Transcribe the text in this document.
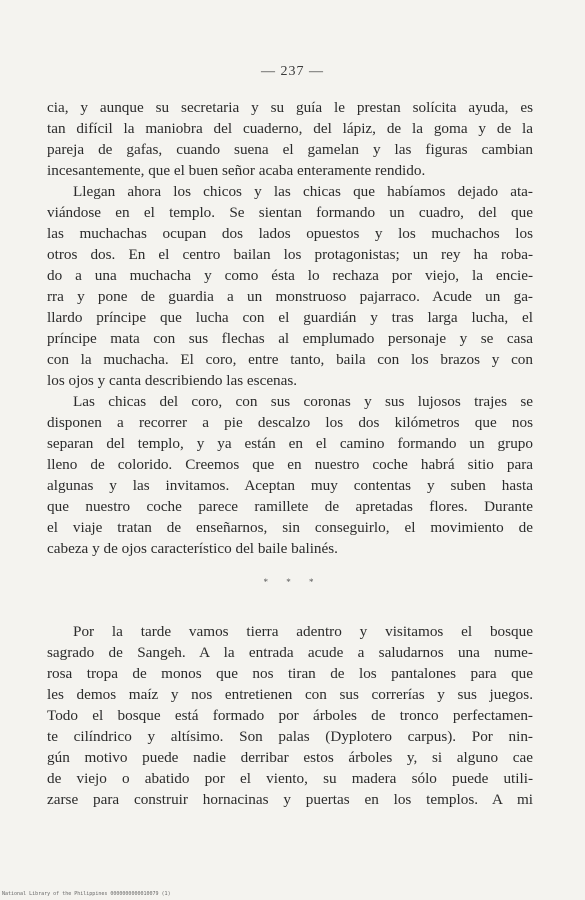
— 237 —
cia, y aunque su secretaria y su guía le prestan solícita ayuda, es
tan difícil la maniobra del cuaderno, del lápiz, de la goma y de la
pareja de gafas, cuando suena el gamelan y las figuras cambian
incesantemente, que el buen señor acaba enteramente rendido.
Llegan ahora los chicos y las chicas que habíamos dejado ata-
viándose en el templo. Se sientan formando un cuadro, del que
las muchachas ocupan dos lados opuestos y los muchachos los
otros dos. En el centro bailan los protagonistas; un rey ha roba-
do a una muchacha y como ésta lo rechaza por viejo, la encie-
rra y pone de guardia a un monstruoso pajarraco. Acude un ga-
llardo príncipe que lucha con el guardián y tras larga lucha, el
príncipe mata con sus flechas al emplumado personaje y se casa
con la muchacha. El coro, entre tanto, baila con los brazos y con
los ojos y canta describiendo las escenas.
Las chicas del coro, con sus coronas y sus lujosos trajes se
disponen a recorrer a pie descalzo los dos kilómetros que nos
separan del templo, y ya están en el camino formando un grupo
lleno de colorido. Creemos que en nuestro coche habrá sitio para
algunas y las invitamos. Aceptan muy contentas y suben hasta
que nuestro coche parece ramillete de apretadas flores. Durante
el viaje tratan de enseñarnos, sin conseguirlo, el movimiento de
cabeza y de ojos característico del baile balinés.
* * *
Por la tarde vamos tierra adentro y visitamos el bosque
sagrado de Sangeh. A la entrada acude a saludarnos una nume-
rosa tropa de monos que nos tiran de los pantalones para que
les demos maíz y nos entretienen con sus correrías y sus juegos.
Todo el bosque está formado por árboles de tronco perfectamen-
te cilíndrico y altísimo. Son palas (Dyplotero carpus). Por nin-
gún motivo puede nadie derribar estos árboles y, si alguno cae
de viejo o abatido por el viento, su madera sólo puede utili-
zarse para construir hornacinas y puertas en los templos. A mi
National Library of the Philippines 0000000000010079 (1)
